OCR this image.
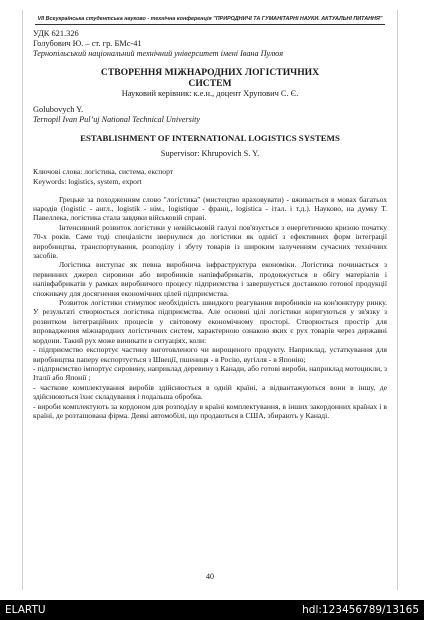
VII Всеукраїнська студентська науково - технічна конференція "ПРИРОДНИЧІ ТА ГУМАНІТАРНІ НАУКИ. АКТУАЛЬНІ ПИТАННЯ"
УДК 621.326
Голубович Ю. – ст. гр. БМс-41
Тернопільський національний технічний університет імені Івана Пулюя
СТВОРЕННЯ МІЖНАРОДНИХ ЛОГІСТИЧНИХ СИСТЕМ
Науковий керівник: к.е.н., доцент Хрупович С. Є.
Golubovych Y.
Ternopil Ivan Pul’uj National Technical University
ESTABLISHMENT OF INTERNATIONAL LOGISTICS SYSTEMS
Supervisor: Khrupovich S. Y.
Ключові слова: логістика, система, експорт
Keywords: logistics, system, export

Грецьке за походженням слово "логістика" (мистецтво враховувати) - вживається в мовах багатьох народів (logistic - англ., logistik - нім., logistique - франц., logistica - італ. і т.д.). Науково, на думку Т. Павеллека, логістика стала завдяки військовій справі.

Інтенсивний розвиток логістики у невійськовій галузі пов'язується з енергетичною кризою початку 70-х років. Саме тоді спеціалісти звернулися до логістики як однієї з ефективних форм інтеграції виробництва, транспортування, розподілу і збуту товарів із широким залученням сучасних технічних засобів.

Логістика виступає як певна виробнича інфраструктура економіки. Логістика починається з первинних джерел сировини або виробників напівфабрикатів, продовжується в обігу матеріалів і напівфабрикатів у рамках виробничого процесу підприємства і завершується доставкою готової продукції споживачу для досягнення економічних цілей підприємства.

Розвиток логістики стимулює необхідність швидкого реагування виробників на кон'юнктуру ринку. У результаті створюється логістика підприємства. Але основні цілі логістики коригуються у зв'язку з розвитком інтеграційних процесів у світовому економічному просторі. Створюється простір для впровадження міжнародних логістичних систем, характерною ознакою яких є рух товарів через державні кордони. Такий рух може виникати в ситуаціях, коли:

- підприємство експортує частину виготовленого чи вирощеного продукту. Наприклад, устаткування для виробництва паперу експортується з Швеції, пшениця - в Росію, вугілля - в Японію;

- підприємство імпортує сировину, наприклад деревину з Канади, або готові вироби, наприклад мотоцикли, з Італії або Японії ;

- часткове комплектування виробів здійснюється в одній країні, а відвантажуються вони в іншу, де здійснюються їхнє складування і подальша обробка.

- вироби комплектують за кордоном для розподілу в країні комплектування, в інших закордонних країнах і в країні, де розташована фірма. Деякі автомобілі, що продаються в США, збирають у Канаді.

40
ELARTU	hdl:123456789/13165
